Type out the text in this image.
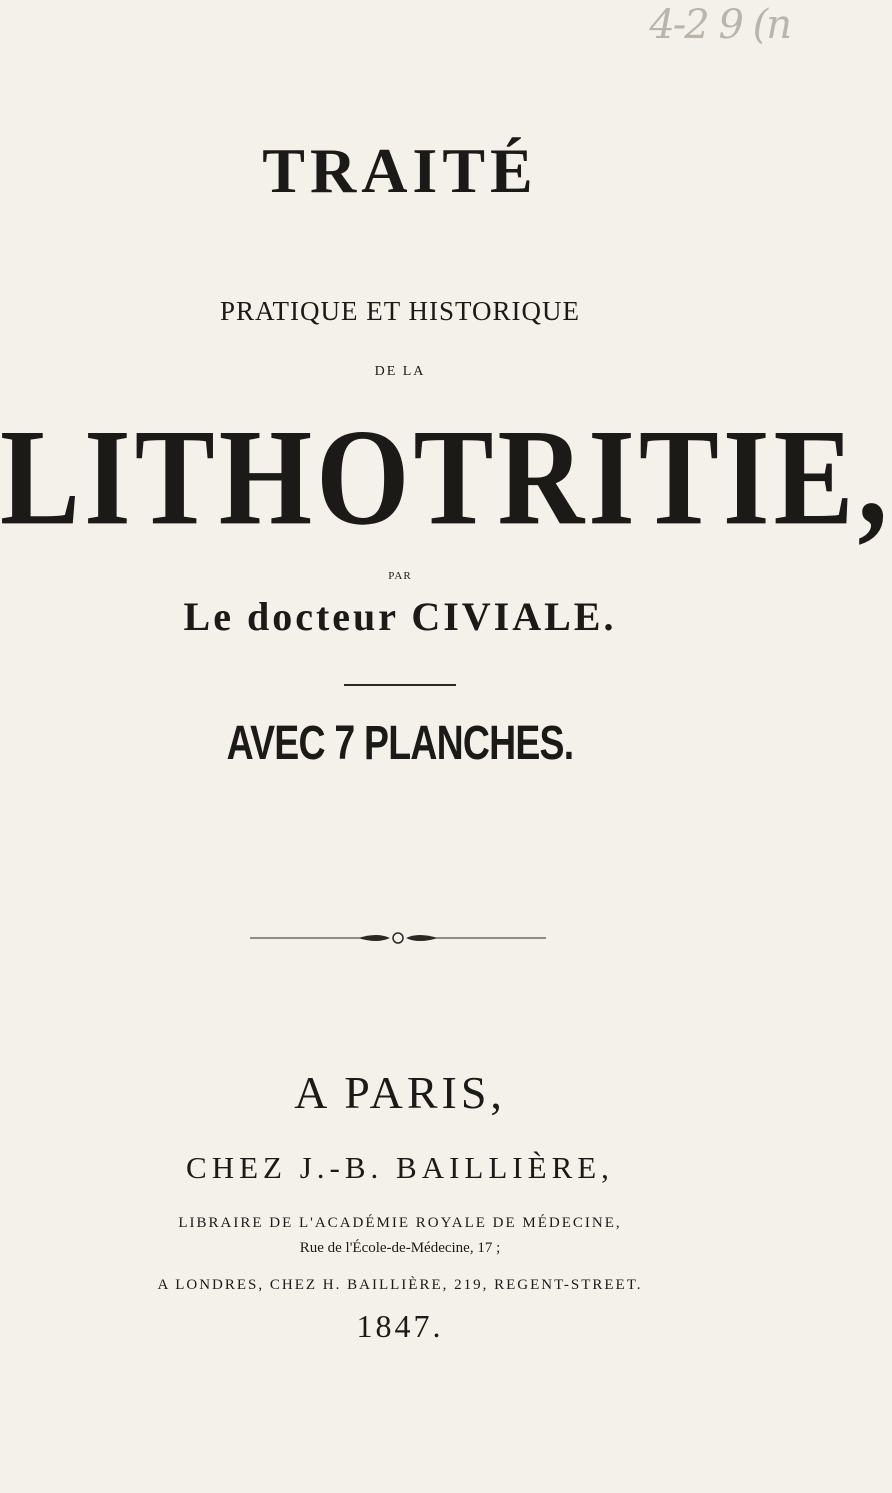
4-2 9 (n
TRAITÉ
PRATIQUE ET HISTORIQUE
DE LA
LITHOTRITIE,
PAR
Le docteur CIVIALE.
AVEC 7 PLANCHES.
A PARIS,
CHEZ J.-B. BAILLIÈRE,
LIBRAIRE DE L'ACADÉMIE ROYALE DE MÉDECINE,
Rue de l'École-de-Médecine, 17 ;
A LONDRES, CHEZ H. BAILLIÈRE, 219, REGENT-STREET.
1847.
